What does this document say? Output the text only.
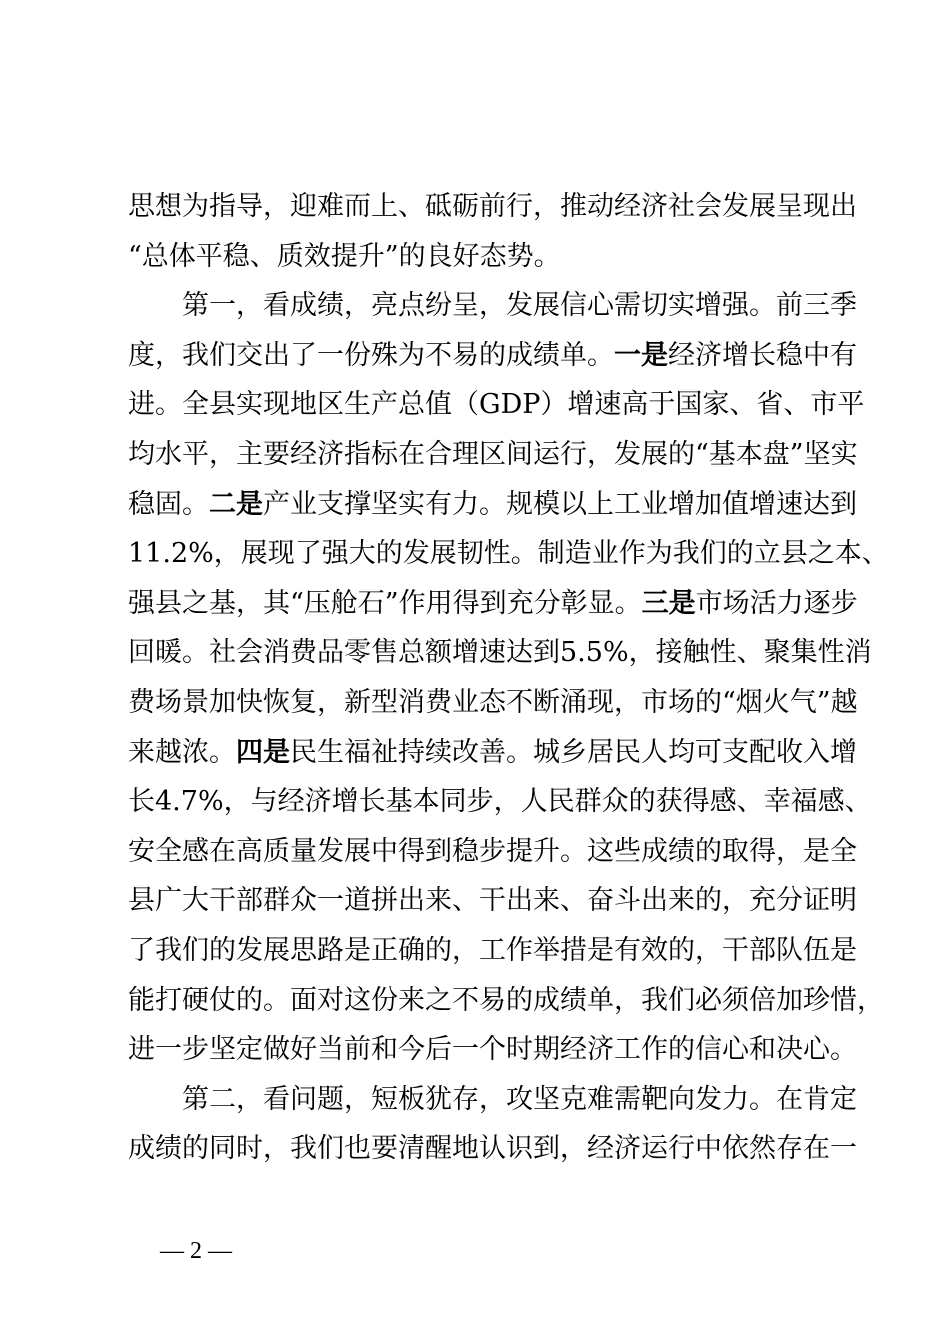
思想为指导，迎难而上、砥砺前行，推动经济社会发展呈现出
“总体平稳、质效提升”的良好态势。
第一，看成绩，亮点纷呈，发展信心需切实增强。前三季
度，我们交出了一份殊为不易的成绩单。一是经济增长稳中有
进。全县实现地区生产总值（GDP）增速高于国家、省、市平
均水平，主要经济指标在合理区间运行，发展的“基本盘”坚实
稳固。二是产业支撑坚实有力。规模以上工业增加值增速达到
11.2%，展现了强大的发展韧性。制造业作为我们的立县之本、
强县之基，其“压舱石”作用得到充分彰显。三是市场活力逐步
回暖。社会消费品零售总额增速达到5.5%，接触性、聚集性消
费场景加快恢复，新型消费业态不断涌现，市场的“烟火气”越
来越浓。四是民生福祉持续改善。城乡居民人均可支配收入增
长4.7%，与经济增长基本同步，人民群众的获得感、幸福感、
安全感在高质量发展中得到稳步提升。这些成绩的取得，是全
县广大干部群众一道拼出来、干出来、奋斗出来的，充分证明
了我们的发展思路是正确的，工作举措是有效的，干部队伍是
能打硬仗的。面对这份来之不易的成绩单，我们必须倍加珍惜，
进一步坚定做好当前和今后一个时期经济工作的信心和决心。
第二，看问题，短板犹存，攻坚克难需靶向发力。在肯定
成绩的同时，我们也要清醒地认识到，经济运行中依然存在一
— 2 —
